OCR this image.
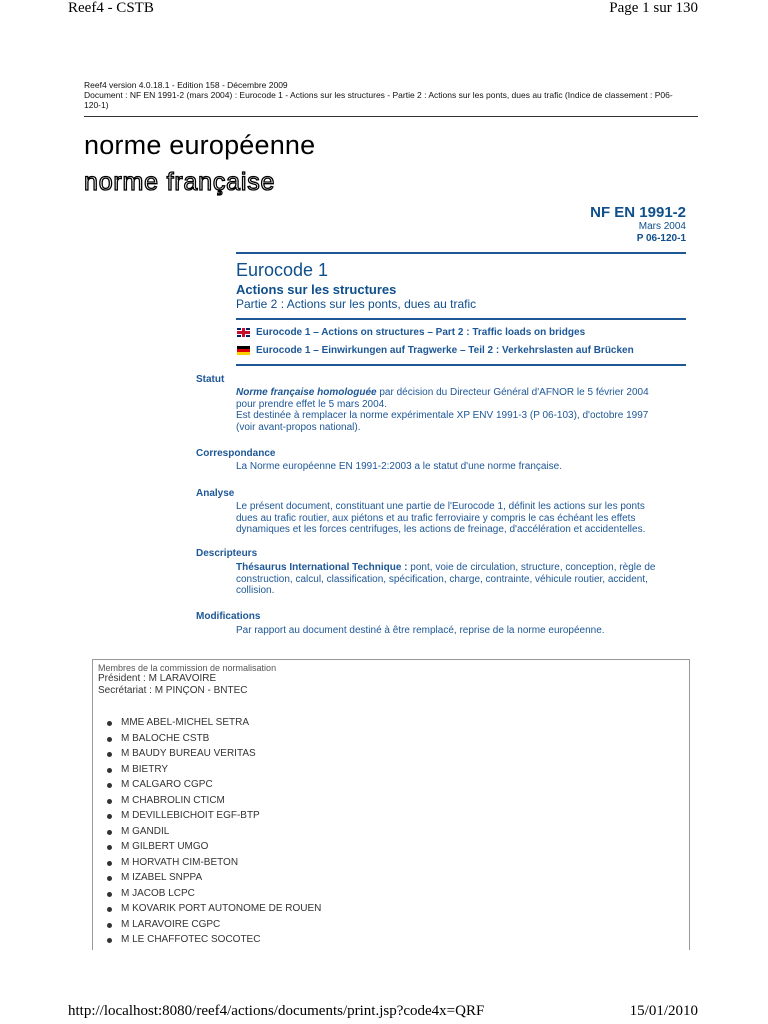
Reef4 - CSTB	Page 1 sur 130
Reef4 version 4.0.18.1 - Edition 158 - Décembre 2009
Document : NF EN 1991-2 (mars 2004) : Eurocode 1 - Actions sur les structures - Partie 2 : Actions sur les ponts, dues au trafic (Indice de classement : P06-
120-1)
norme européenne
norme française
NF EN 1991-2
Mars 2004
P 06-120-1
Eurocode 1
Actions sur les structures
Partie 2 : Actions sur les ponts, dues au trafic
Eurocode 1 – Actions on structures – Part 2 : Traffic loads on bridges
Eurocode 1 – Einwirkungen auf Tragwerke – Teil 2 : Verkehrslasten auf Brücken
Statut
Norme française homologuée par décision du Directeur Général d'AFNOR le 5 février 2004
pour prendre effet le 5 mars 2004.
Est destinée à remplacer la norme expérimentale XP ENV 1991-3 (P 06-103), d'octobre 1997
(voir avant-propos national).
Correspondance
La Norme européenne EN 1991-2:2003 a le statut d'une norme française.
Analyse
Le présent document, constituant une partie de l'Eurocode 1, définit les actions sur les ponts
dues au trafic routier, aux piétons et au trafic ferroviaire y compris le cas échéant les effets
dynamiques et les forces centrifuges, les actions de freinage, d'accélération et accidentelles.
Descripteurs
Thésaurus International Technique : pont, voie de circulation, structure, conception, règle de
construction, calcul, classification, spécification, charge, contrainte, véhicule routier, accident,
collision.
Modifications
Par rapport au document destiné à être remplacé, reprise de la norme européenne.
Membres de la commission de normalisation
Président : M LARAVOIRE
Secrétariat : M PINÇON - BNTEC
MME ABEL-MICHEL SETRA
M BALOCHE CSTB
M BAUDY BUREAU VERITAS
M BIETRY
M CALGARO CGPC
M CHABROLIN CTICM
M DEVILLEBICHOIT EGF-BTP
M GANDIL
M GILBERT UMGO
M HORVATH CIM-BETON
M IZABEL SNPPA
M JACOB LCPC
M KOVARIK PORT AUTONOME DE ROUEN
M LARAVOIRE CGPC
M LE CHAFFOTEC SOCOTEC
http://localhost:8080/reef4/actions/documents/print.jsp?code4x=QRF	15/01/2010
